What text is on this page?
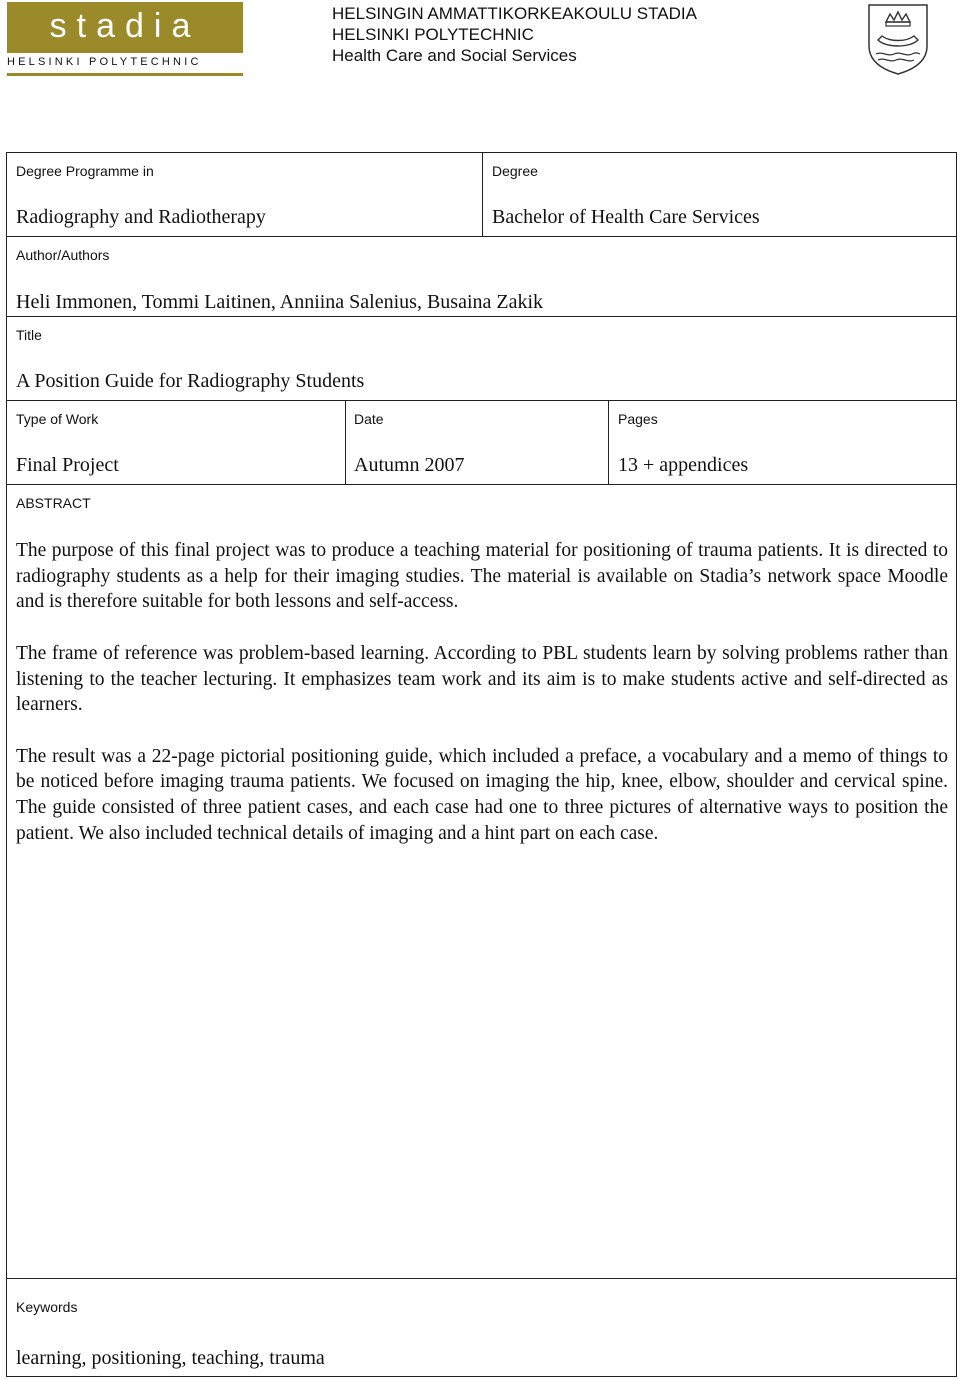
stadia
HELSINKI POLYTECHNIC
HELSINGIN AMMATTIKORKEAKOULU STADIA
HELSINKI POLYTECHNIC
Health Care and Social Services
Degree Programme in
Radiography and Radiotherapy
Degree
Bachelor of Health Care Services
Author/Authors
Heli Immonen, Tommi Laitinen, Anniina Salenius, Busaina Zakik
Title
A Position Guide for Radiography Students
Type of Work
Final Project
Date
Autumn 2007
Pages
13 + appendices
ABSTRACT

The purpose of this final project was to produce a teaching material for positioning of trauma patients. It is directed to radiography students as a help for their imaging studies. The material is available on Stadia’s network space Moodle and is therefore suitable for both lessons and self-access.

The frame of reference was problem-based learning. According to PBL students learn by solving problems rather than listening to the teacher lecturing. It emphasizes team work and its aim is to make students active and self-directed as learners.

The result was a 22-page pictorial positioning guide, which included a preface, a vocabulary and a memo of things to be noticed before imaging trauma patients. We focused on imaging the hip, knee, elbow, shoulder and cervical spine. The guide consisted of three patient cases, and each case had one to three pictures of alternative ways to position the patient. We also included technical details of imaging and a hint part on each case.

Keywords
learning, positioning, teaching, trauma
